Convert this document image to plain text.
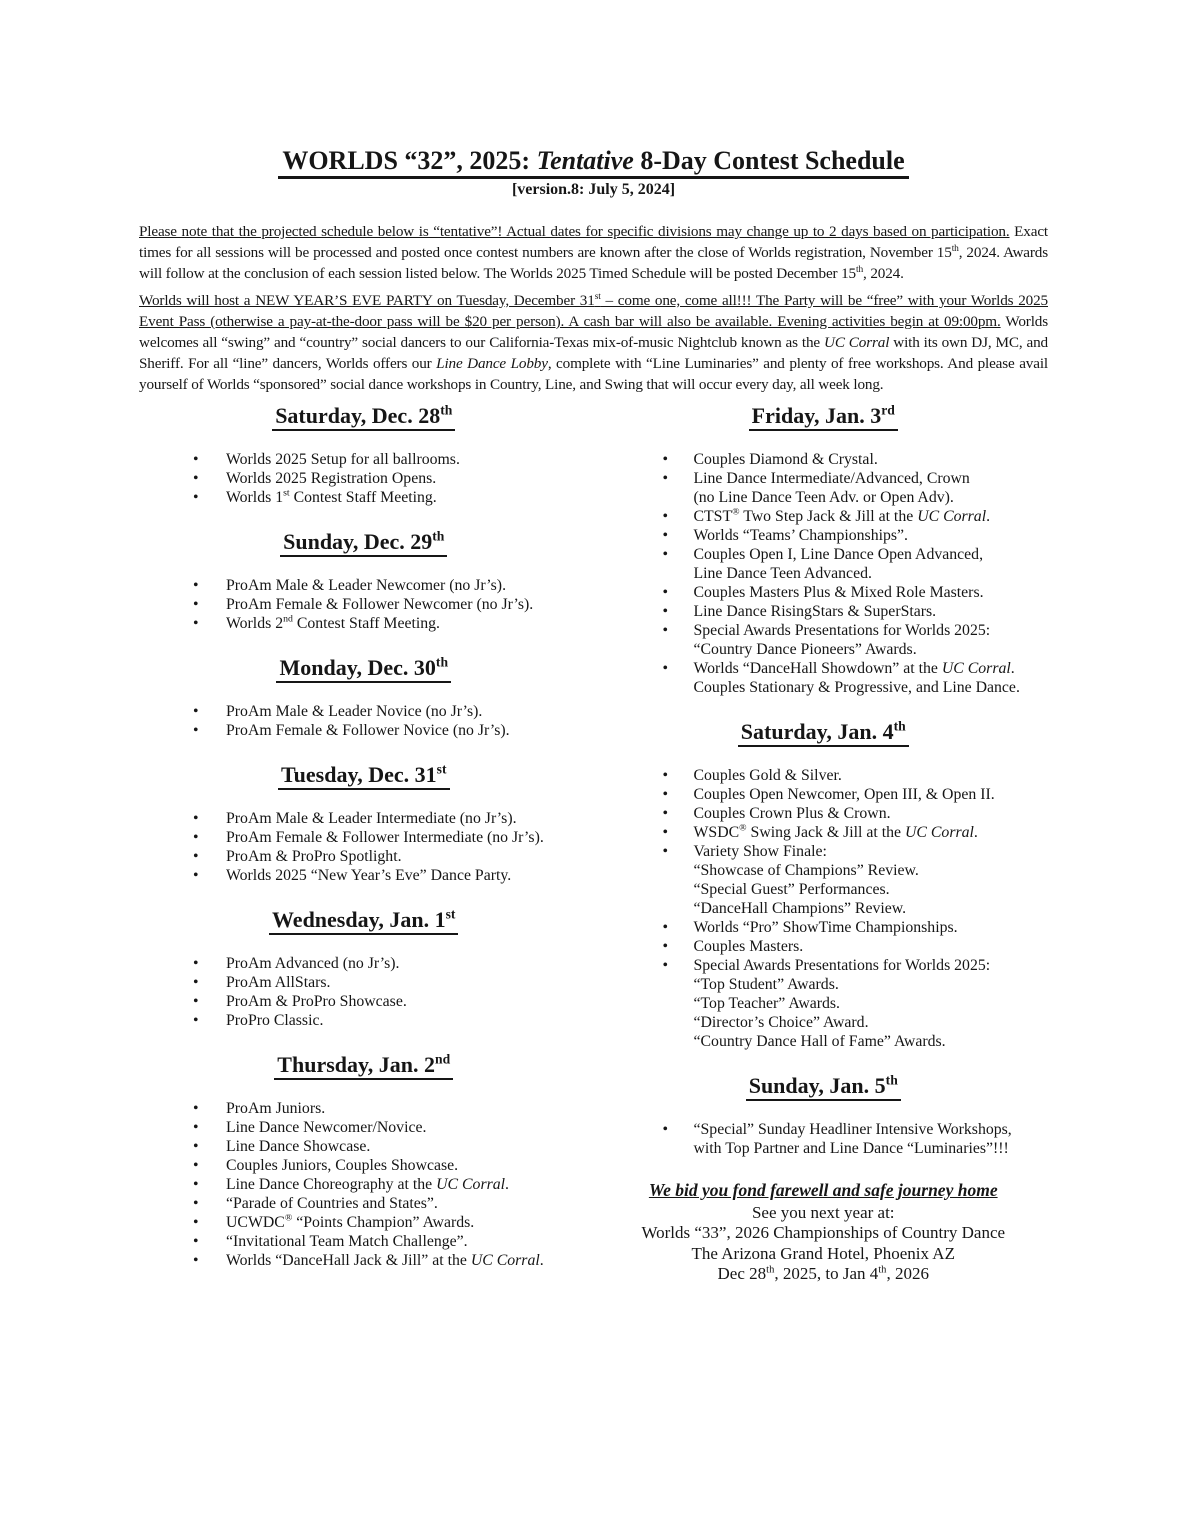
WORLDS “32”, 2025: Tentative 8-Day Contest Schedule
[version.8: July 5, 2024]

Please note that the projected schedule below is “tentative”! Actual dates for specific divisions may change up to 2 days based on participation. Exact times for all sessions will be processed and posted once contest numbers are known after the close of Worlds registration, November 15th, 2024. Awards will follow at the conclusion of each session listed below. The Worlds 2025 Timed Schedule will be posted December 15th, 2024.

Worlds will host a NEW YEAR’S EVE PARTY on Tuesday, December 31st – come one, come all!!! The Party will be “free” with your Worlds 2025 Event Pass (otherwise a pay-at-the-door pass will be $20 per person). A cash bar will also be available. Evening activities begin at 09:00pm. Worlds welcomes all “swing” and “country” social dancers to our California-Texas mix-of-music Nightclub known as the UC Corral with its own DJ, MC, and Sheriff. For all “line” dancers, Worlds offers our Line Dance Lobby, complete with “Line Luminaries” and plenty of free workshops. And please avail yourself of Worlds “sponsored” social dance workshops in Country, Line, and Swing that will occur every day, all week long.

Saturday, Dec. 28th
• Worlds 2025 Setup for all ballrooms.
• Worlds 2025 Registration Opens.
• Worlds 1st Contest Staff Meeting.
Sunday, Dec. 29th
• ProAm Male & Leader Newcomer (no Jr’s).
• ProAm Female & Follower Newcomer (no Jr’s).
• Worlds 2nd Contest Staff Meeting.
Monday, Dec. 30th
• ProAm Male & Leader Novice (no Jr’s).
• ProAm Female & Follower Novice (no Jr’s).
Tuesday, Dec. 31st
• ProAm Male & Leader Intermediate (no Jr’s).
• ProAm Female & Follower Intermediate (no Jr’s).
• ProAm & ProPro Spotlight.
• Worlds 2025 “New Year’s Eve” Dance Party.
Wednesday, Jan. 1st
• ProAm Advanced (no Jr’s).
• ProAm AllStars.
• ProAm & ProPro Showcase.
• ProPro Classic.
Thursday, Jan. 2nd
• ProAm Juniors.
• Line Dance Newcomer/Novice.
• Line Dance Showcase.
• Couples Juniors, Couples Showcase.
• Line Dance Choreography at the UC Corral.
• “Parade of Countries and States”.
• UCWDC® “Points Champion” Awards.
• “Invitational Team Match Challenge”.
• Worlds “DanceHall Jack & Jill” at the UC Corral.
Friday, Jan. 3rd
• Couples Diamond & Crystal.
• Line Dance Intermediate/Advanced, Crown
(no Line Dance Teen Adv. or Open Adv).
• CTST® Two Step Jack & Jill at the UC Corral.
• Worlds “Teams’ Championships”.
• Couples Open I, Line Dance Open Advanced,
Line Dance Teen Advanced.
• Couples Masters Plus & Mixed Role Masters.
• Line Dance RisingStars & SuperStars.
• Special Awards Presentations for Worlds 2025:
“Country Dance Pioneers” Awards.
• Worlds “DanceHall Showdown” at the UC Corral.
Couples Stationary & Progressive, and Line Dance.
Saturday, Jan. 4th
• Couples Gold & Silver.
• Couples Open Newcomer, Open III, & Open II.
• Couples Crown Plus & Crown.
• WSDC® Swing Jack & Jill at the UC Corral.
• Variety Show Finale:
“Showcase of Champions” Review.
“Special Guest” Performances.
“DanceHall Champions” Review.
• Worlds “Pro” ShowTime Championships.
• Couples Masters.
• Special Awards Presentations for Worlds 2025:
“Top Student” Awards.
“Top Teacher” Awards.
“Director’s Choice” Award.
“Country Dance Hall of Fame” Awards.
Sunday, Jan. 5th
• “Special” Sunday Headliner Intensive Workshops,
with Top Partner and Line Dance “Luminaries”!!!
We bid you fond farewell and safe journey home
See you next year at:
Worlds “33”, 2026 Championships of Country Dance
The Arizona Grand Hotel, Phoenix AZ
Dec 28th, 2025, to Jan 4th, 2026
